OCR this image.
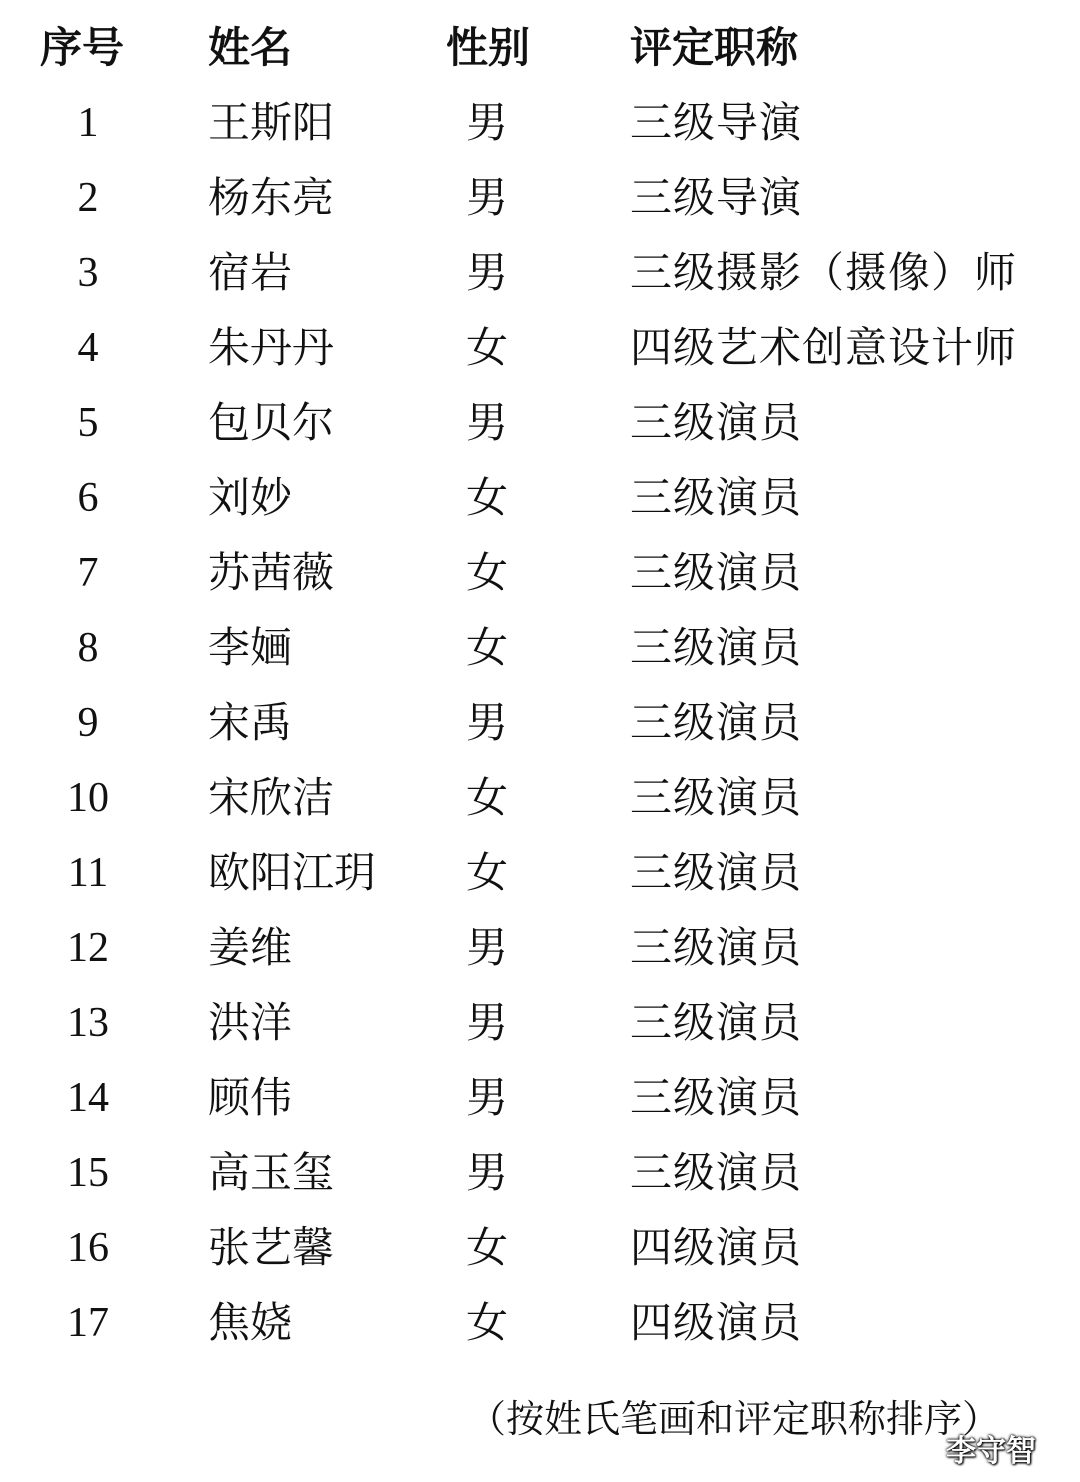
序号 姓名	性别 评定职称
1	王斯阳	男	三级导演
2	杨东亮	男	三级导演
3	宿岩	男	三级摄影（摄像）师
4	朱丹丹	女	四级艺术创意设计师
5	包贝尔	男	三级演员
6	刘妙	女	三级演员
7	苏茜薇	女	三级演员
8	李婳	女	三级演员
9	宋禹	男	三级演员
10	宋欣洁	女	三级演员
11	欧阳江玥 女	三级演员
12	姜维	男	三级演员
13	洪洋	男	三级演员
14	顾伟	男	三级演员
15	高玉玺	男	三级演员
16	张艺馨	女	四级演员
17	焦娆	女	四级演员
（按姓氏笔画和评定职称排序）
李守智
